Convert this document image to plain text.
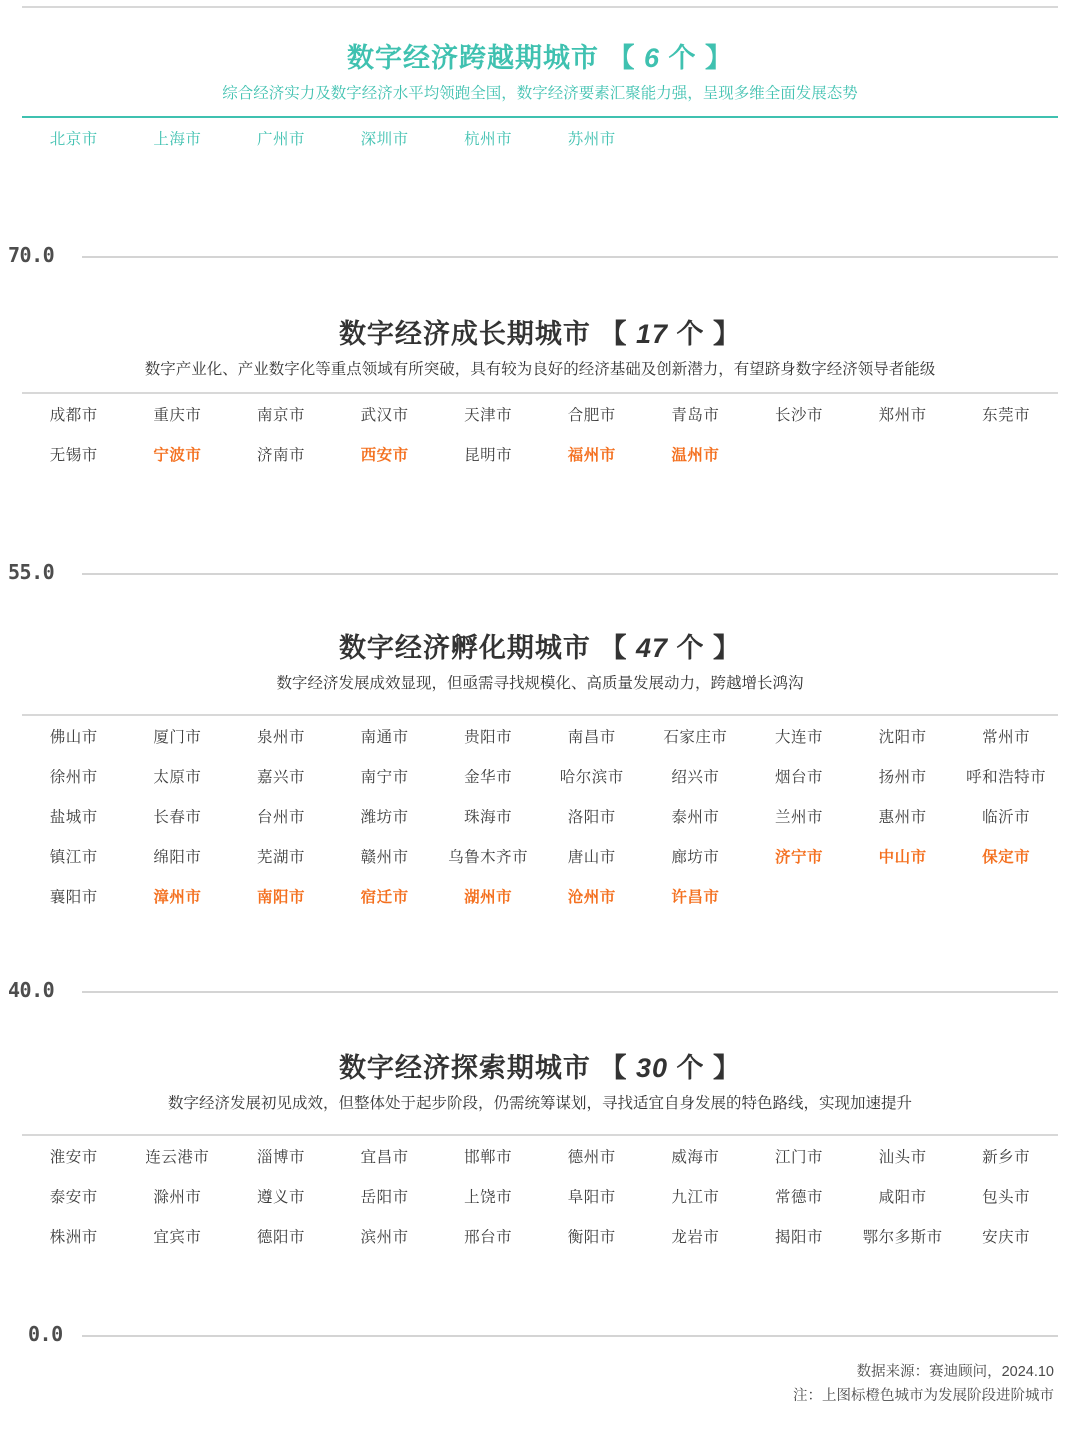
数字经济跨越期城市 【 6 个 】
综合经济实力及数字经济水平均领跑全国，数字经济要素汇聚能力强，呈现多维全面发展态势
北京市	上海市	广州市	深圳市	杭州市	苏州市
70.0
数字经济成长期城市 【 17 个 】
数字产业化、产业数字化等重点领域有所突破，具有较为良好的经济基础及创新潜力，有望跻身数字经济领导者能级
成都市	重庆市	南京市	武汉市	天津市	合肥市	青岛市	长沙市	郑州市	东莞市
无锡市	宁波市	济南市	西安市	昆明市	福州市	温州市
55.0
数字经济孵化期城市 【 47 个 】
数字经济发展成效显现，但亟需寻找规模化、高质量发展动力，跨越增长鸿沟
佛山市	厦门市	泉州市	南通市	贵阳市	南昌市	石家庄市	大连市	沈阳市	常州市
徐州市	太原市	嘉兴市	南宁市	金华市	哈尔滨市	绍兴市	烟台市	扬州市	呼和浩特市
盐城市	长春市	台州市	潍坊市	珠海市	洛阳市	泰州市	兰州市	惠州市	临沂市
镇江市	绵阳市	芜湖市	赣州市	乌鲁木齐市	唐山市	廊坊市	济宁市	中山市	保定市
襄阳市	漳州市	南阳市	宿迁市	湖州市	沧州市	许昌市
40.0
数字经济探索期城市 【 30 个 】
数字经济发展初见成效，但整体处于起步阶段，仍需统筹谋划，寻找适宜自身发展的特色路线，实现加速提升
淮安市	连云港市	淄博市	宜昌市	邯郸市	德州市	威海市	江门市	汕头市	新乡市
泰安市	滁州市	遵义市	岳阳市	上饶市	阜阳市	九江市	常德市	咸阳市	包头市
株洲市	宜宾市	德阳市	滨州市	邢台市	衡阳市	龙岩市	揭阳市	鄂尔多斯市	安庆市
0.0
数据来源：赛迪顾问，2024.10
注：上图标橙色城市为发展阶段进阶城市
